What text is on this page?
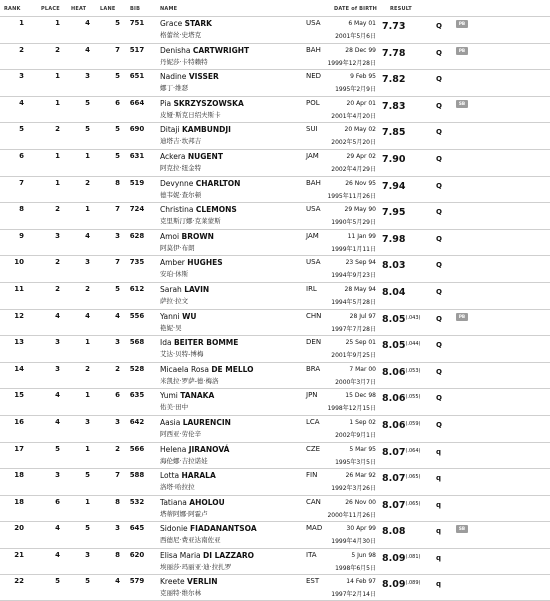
RANK	PLACE HEAT	LANE	BIB	NAME	DATE of BIRTH	RESULT
1	1	4	5	751	Grace STARK
格蕾丝·史塔克
USA	6 May 01
2001年5月6日
7.73	Q	PB
2	2	4	7	517	Denisha CARTWRIGHT
丹妮莎·卡特赖特
BAH	28 Dec 99
1999年12月28日
7.78	Q	PB
3	1	3	5	651	Nadine VISSER
娜丁·维瑟
NED	9 Feb 95
1995年2月9日
7.82	Q
4	1	5	6	664	Pia SKRZYSZOWSKA
皮娅·斯克日绍夫斯卡
POL	20 Apr 01
2001年4月20日
7.83	Q	SB
5	2	5	5	690	Ditaji KAMBUNDJI
迪塔吉·坎邦吉
SUI	20 May 02
2002年5月20日
7.85	Q
6	1	1	5	631	Ackera NUGENT
阿克拉·纽金特
JAM	29 Apr 02
2002年4月29日
7.90	Q
7	1	2	8	519	Devynne CHARLTON
德韦妮·查尔顿
BAH	26 Nov 95
1995年11月26日
7.94	Q
8	2	1	7	724	Christina CLEMONS
克里斯汀娜·克莱蒙斯
USA	29 May 90
1990年5月29日
7.95	Q
9	3	4	3	628	Amoi BROWN
阿莫伊·布朗
JAM	11 Jan 99
1999年1月11日
7.98	Q
10	2	3	7	735	Amber HUGHES
安珀·休斯
USA	23 Sep 94
1994年9月23日
8.03	Q
11	2	2	5	612	Sarah LAVIN
萨拉·拉文
IRL	28 May 94
1994年5月28日
8.04	Q
12	4	4	4	556	Yanni WU
艳妮·吴
CHN	28 Jul 97
1997年7月28日
$8.05^{(.043)}$ Q	PB
13	3	1	3	568	Ida BEITER BOMME
艾达·贝特-博梅
DEN	25 Sep 01
2001年9月25日
$8.05^{(.044)}$ Q
14	3	2	2	528	Micaela Rosa DE MELLO
米凯拉·罗萨-德·梅洛
BRA	7 Mar 00
2000年3月7日
$8.06^{(.053)}$ Q
15	4	1	6	635	Yumi TANAKA
佑美·田中
JPN	15 Dec 98
1998年12月15日
$8.06^{(.055)}$ Q
16	4	3	3	642	Aasia LAURENCIN
阿西亚·劳伦辛
LCA	1 Sep 02
2002年9月1日
$8.06^{(.059)}$ Q
17	5	1	2	566	Helena JIRANOVÁ
海伦娜·吉拉诺娃
CZE	5 Mar 95
1995年3月5日
$8.07^{(.064)}$ q
18	3	5	7	588	Lotta HARALA
洛塔·哈拉拉
FIN	26 Mar 92
1992年3月26日
$8.07^{(.065)}$ q
18	6	1	8	532	Tatiana AHOLOU
塔蒂阿娜·阿霍卢
CAN	26 Nov 00
2000年11月26日
$8.07^{(.065)}$ q
20	4	5	3	645	Sidonie FIADANANTSOA
西德尼·费亚达南佐亚
MAD	30 Apr 99
1999年4月30日
8.08	q	SB
21	4	3	8	620	Elisa Maria DI LAZZARO
埃丽莎·玛丽亚·迪·拉扎罗
ITA	5 Jun 98
1998年6月5日
$8.09^{(.081)}$ q
22	5	5	4	579	Kreete VERLIN
克丽特·维尔林
EST	14 Feb 97
1997年2月14日
$8.09^{(.089)}$ q
